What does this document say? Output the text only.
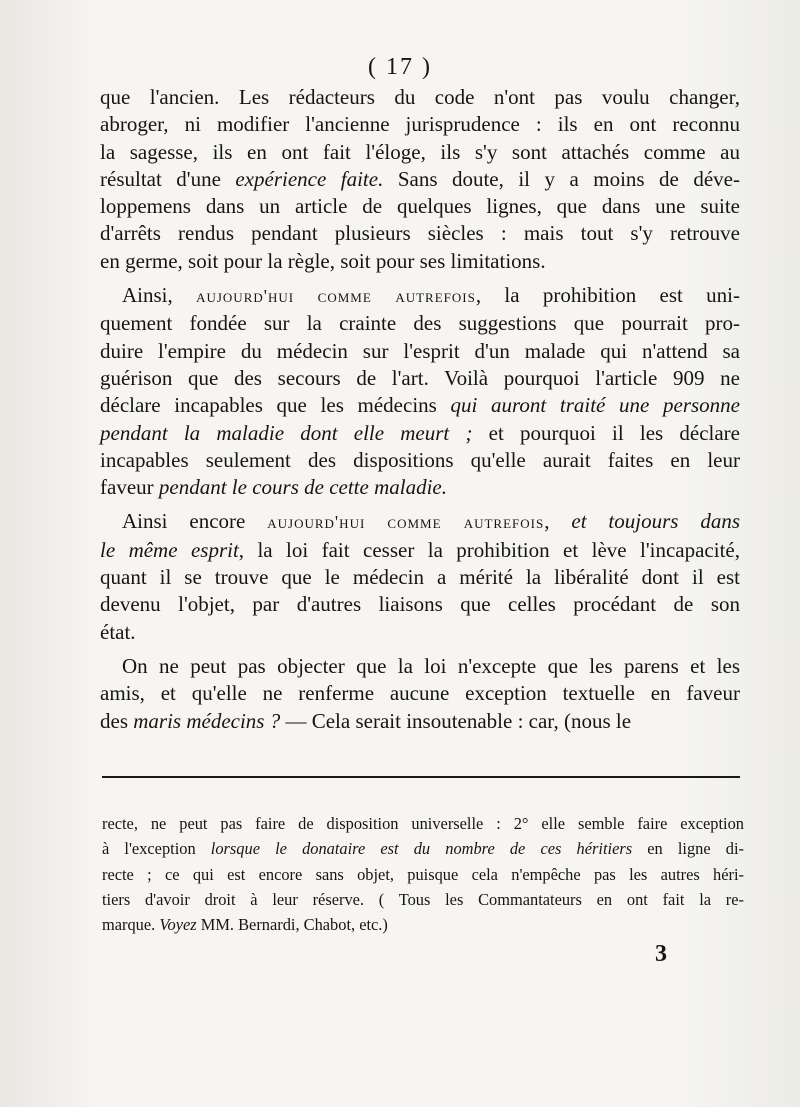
( 17 )
que l'ancien. Les rédacteurs du code n'ont pas voulu changer,
abroger, ni modifier l'ancienne jurisprudence : ils en ont reconnu
la sagesse, ils en ont fait l'éloge, ils s'y sont attachés comme au
résultat d'une expérience faite. Sans doute, il y a moins de déve-
loppemens dans un article de quelques lignes, que dans une suite
d'arrêts rendus pendant plusieurs siècles : mais tout s'y retrouve
en germe, soit pour la règle, soit pour ses limitations.
Ainsi, aujourd'hui comme autrefois, la prohibition est uni-
quement fondée sur la crainte des suggestions que pourrait pro-
duire l'empire du médecin sur l'esprit d'un malade qui n'attend sa
guérison que des secours de l'art. Voilà pourquoi l'article 909 ne
déclare incapables que les médecins qui auront traité une personne
pendant la maladie dont elle meurt ; et pourquoi il les déclare
incapables seulement des dispositions qu'elle aurait faites en leur
faveur pendant le cours de cette maladie.
Ainsi encore aujourd'hui comme autrefois, et toujours dans
le même esprit, la loi fait cesser la prohibition et lève l'incapacité,
quant il se trouve que le médecin a mérité la libéralité dont il est
devenu l'objet, par d'autres liaisons que celles procédant de son
état.
On ne peut pas objecter que la loi n'excepte que les parens et les
amis, et qu'elle ne renferme aucune exception textuelle en faveur
des maris médecins ? — Cela serait insoutenable : car, (nous le
recte, ne peut pas faire de disposition universelle : 2° elle semble faire exception
à l'exception lorsque le donataire est du nombre de ces héritiers en ligne di-
recte ; ce qui est encore sans objet, puisque cela n'empêche pas les autres héri-
tiers d'avoir droit à leur réserve. ( Tous les Commantateurs en ont fait la re-
marque. Voyez MM. Bernardi, Chabot, etc.)
3
